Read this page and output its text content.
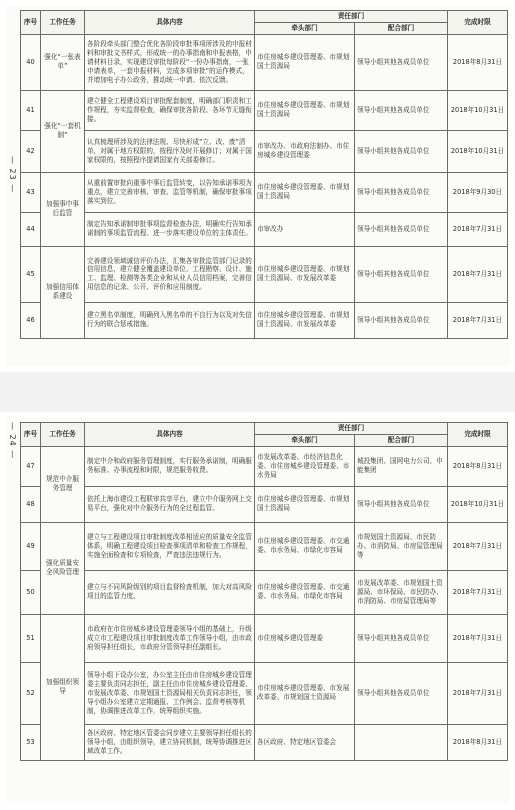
— 23 —
序号	工作任务	具体内容	责任部门		完成时限
			牵头部门	配合部门	
40	强化“一张表单”	各阶段牵头部门整合优化各阶段审批事项所涉及的申报材料和审批文书样式，形成统一的办事指南和申报表格，申请材料目录，实现建设审批每阶段“一份办事指南，一张申请表单，一套申报材料，完成多项审批”的运作模式，并增加电子办公政务，推动统一申请、依次反馈。	市住房城乡建设管理委、市规划国土资源局	领导小组其他各成员单位	2018年8月31日
41	强化“一套机制”	建立健全工程建设项目审批配套制度，明确部门职责和工作规程，夯实监督检查，确保审批各阶段、各环节无缝衔接。	市住房城乡建设管理委、市规划国土资源局	领导小组其他各成员单位	2018年10月31日
42		认真梳理所涉及的法律法规、尽快形成“立、改、废”清单，对属于地方权限的，按程序及时开展修订；对属于国家权限的，按照程序提请国家有关部委修订。	市审改办、市政府法制办、市住房城乡建设管理委	领导小组其他各成员单位	2018年10月31日
43	加强事中事后监管	从重前置审批向重事中事后监管转变，以告知承诺事项为重点，建立完善审核、审查、监管等机制，确保审批事项落实到位。	市住房城乡建设管理委、市规划国土资源局	领导小组其他各成员单位	2018年9月30日
44		制定告知承诺制审批事项监督检查办法，明确实行告知承诺制的事项监管流程、进一步落实建设单位的主体责任。	市审改办	领导小组其他各成员单位	2018年7月31日
45	加强信用体系建设	完善建设领域诚信评价办法，汇集各审批监管部门记录的信用信息，建立健全覆盖建设单位、工程勘察、设计、施工、监理、检测等各类企业和从业人员信用档案，完善信用信息的记录、公开、评价和应用制度。	市住房城乡建设管理委、市规划国土资源局、市发展改革委	领导小组其他各成员单位	2018年7月31日
46		建立黑名单制度，明确列入黑名单的不良行为以及对失信行为的联合惩戒措施。	市住房城乡建设管理委、市规划国土资源局、市发展改革委	领导小组其他各成员单位	2018年7月31日
— 24 — 序号	工作任务	具体内容	责任部门		完成时限
			牵头部门	配合部门	
47	规范中介服务管理	制定中介和政府服务管理制度，实行服务承诺制，明确服务标准、办事流程和时限，规范服务收费。	市发展改革委、市经济信息化委、市住房城乡建设管理委、市水务局	城投集团、国网电力公司、申能集团	2018年8月31日
48		依托上海市建设工程联审共享平台，建立中介服务网上交易平台，强化对中介服务行为的全过程监管。	市住房城乡建设管理委、市规划国土资源局	领导小组其他各成员单位	2018年10月31日
49	强化质量安全风险管理	建立与工程建设项目审批制度改革相适应的质量安全监管体系，明确工程建设项目检查事项清单和检查工作规程，实施全面检查和专项检查，严查违法违规行为。	市住房城乡建设管理委、市交通委、市水务局、市绿化市容局	市规划国土资源局、市民防办、市消防局、市房屋管理局等	2018年7月31日
50		建立与不同风险级别的项目监督检查机制，加大对高风险项目的监管力度。	市住房城乡建设管理委、市交通委、市水务局、市绿化市容局	市发展改革委、市规划国土资源局、市环保局、市民防办、市消防局、市房屋管理局等	2018年7月31日
51	加强组织领导	市政府在市住房城乡建设管理委领导小组的基础上，升级成立市工程建设项目审批制度改革工作领导小组，由市政府领导担任组长，市政府分管领导担任副组长。	市住房城乡建设管理委	领导小组其他各成员单位	2018年7月31日
52		领导小组下设办公室，办公室主任由市住房城乡建设管理委主要负责同志担任，副主任由市住房城乡建设管理委、市发展改革委、市规划国土资源局相关负责同志担任，领导小组办公室建立定期通报、工作例会、监督考核等机制，协调推进改革工作，统筹组织实施。	市住房城乡建设管理委、市发展改革委、市规划国土资源局	领导小组其他各成员单位	2018年7月31日
53		各区政府、特定地区管委会同步建立主要领导担任组长的领导小组，由组织领导，建立协同机制，统筹协调推进区域改革工作。	各区政府、特定地区管委会		2018年8月31日
